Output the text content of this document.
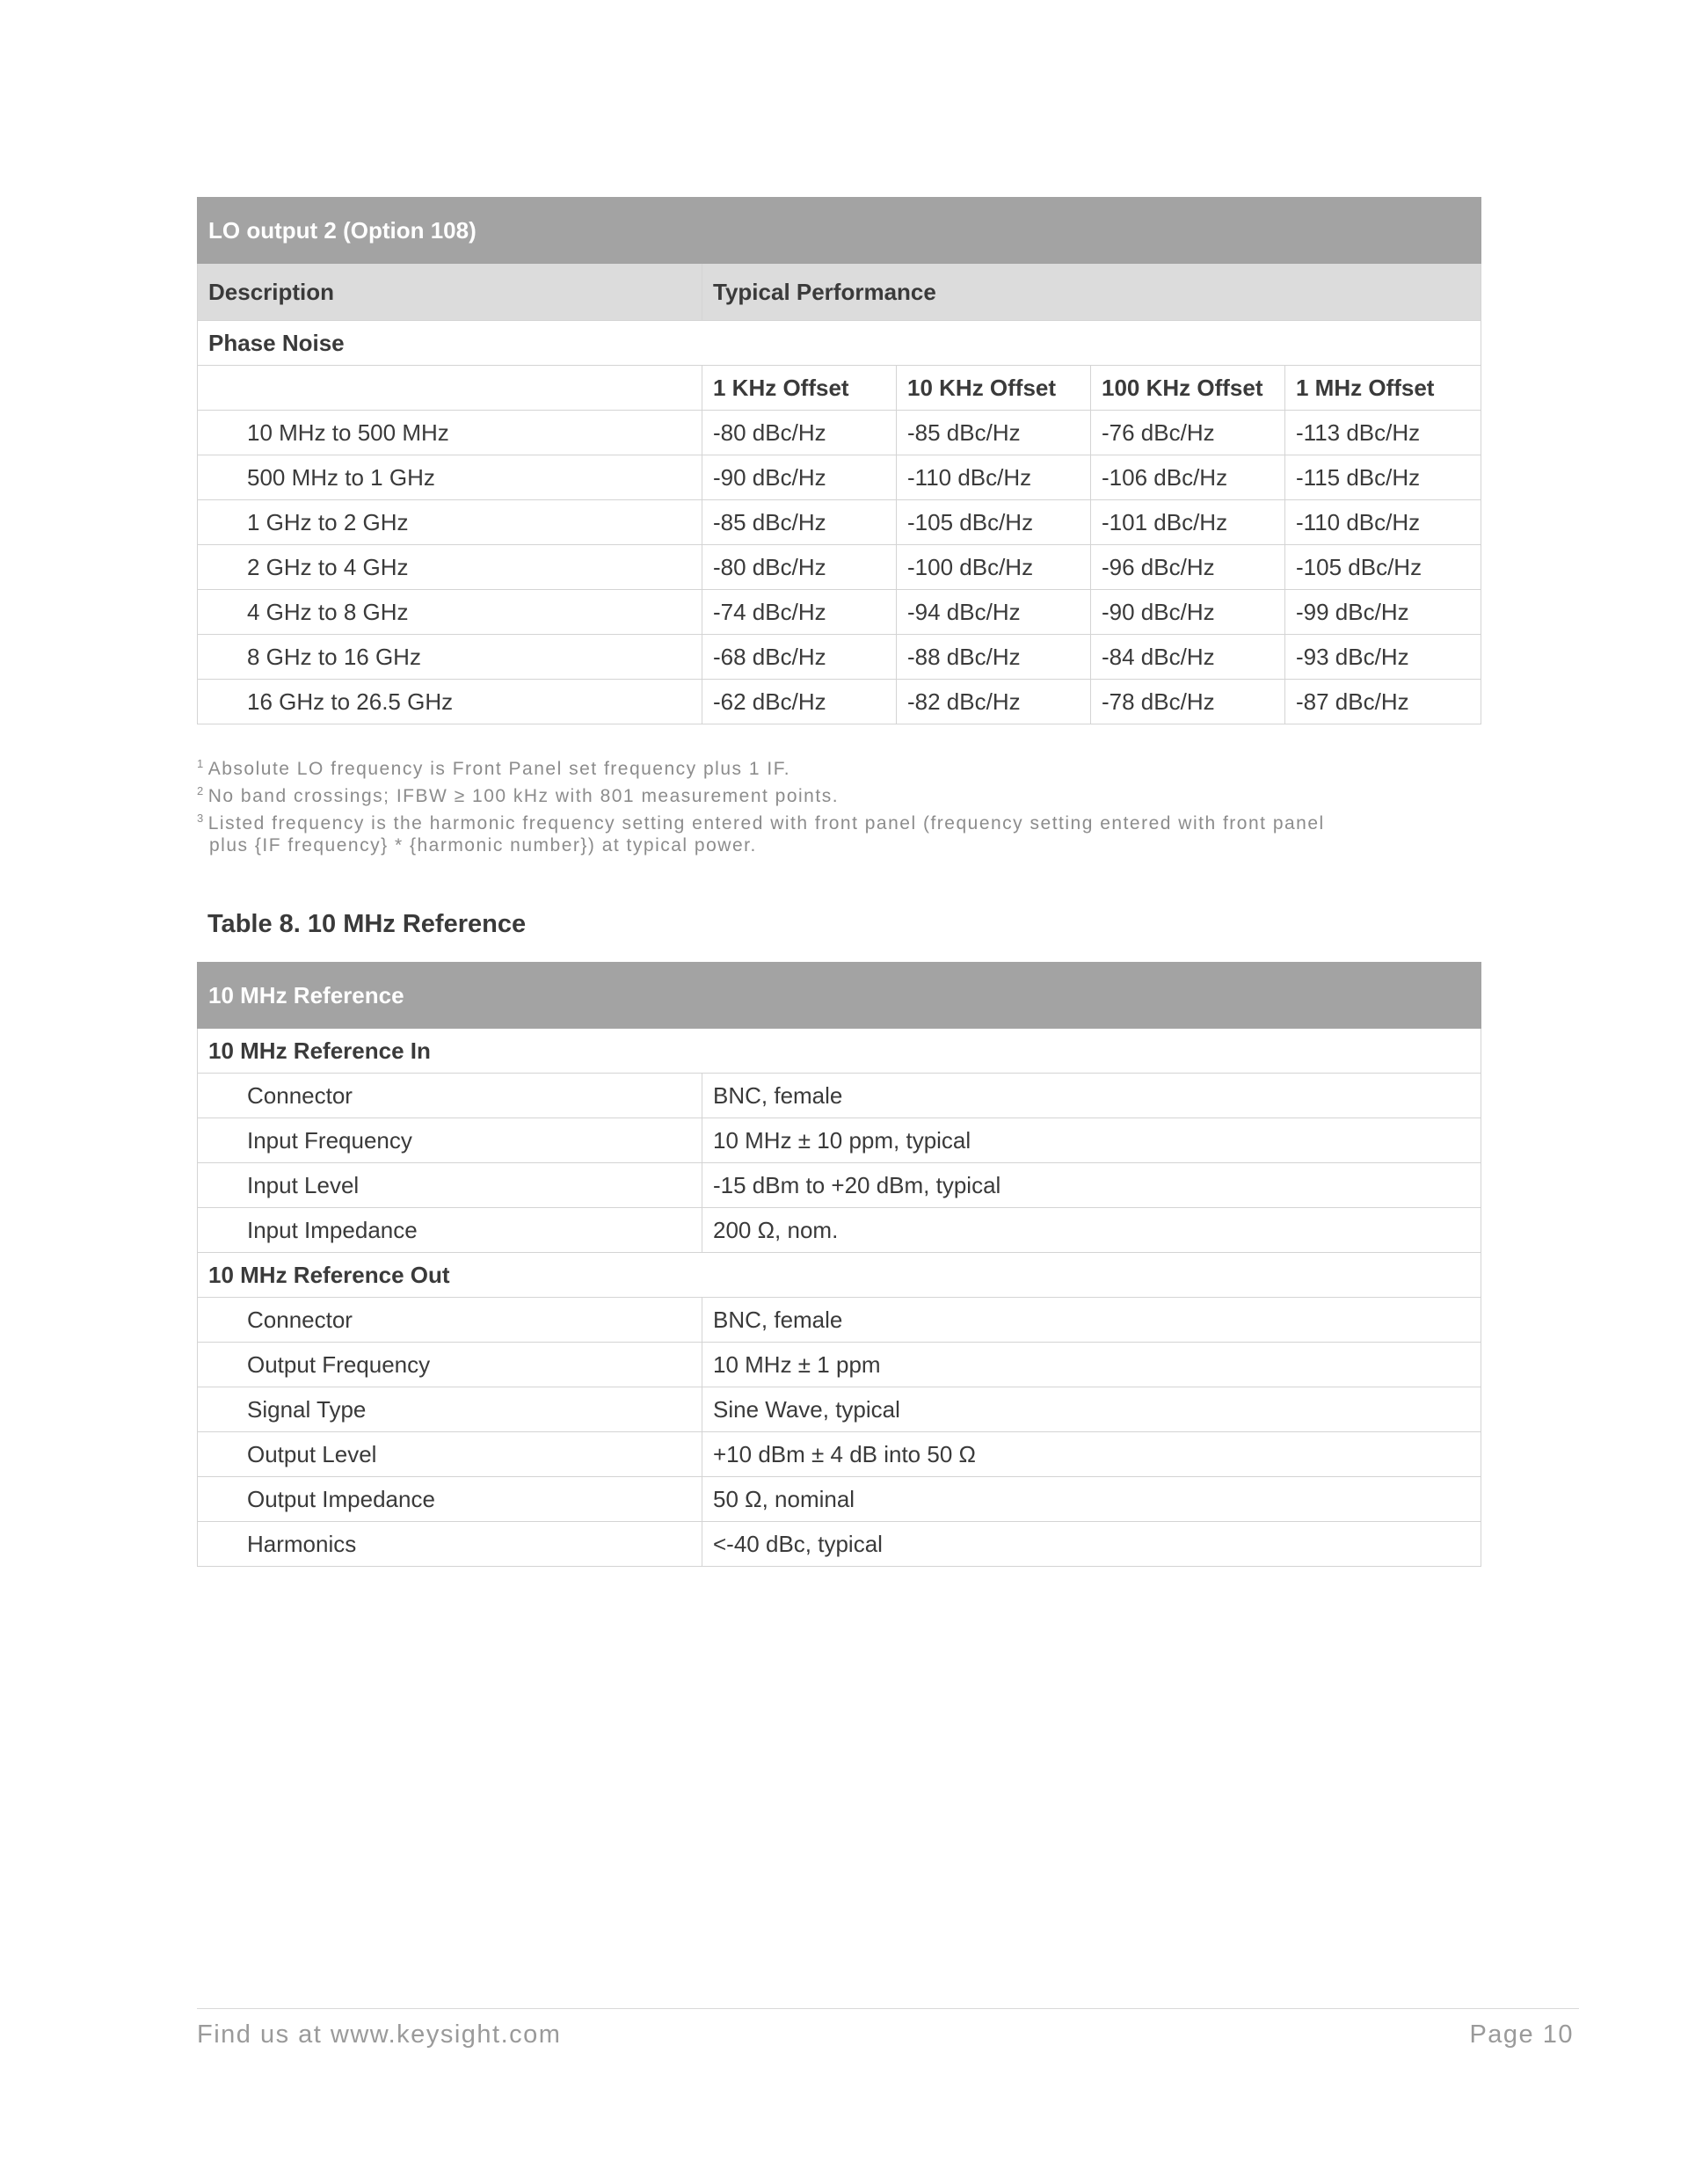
LO output 2 (Option 108)				
Description	Typical Performance			
Phase Noise				
	1 KHz Offset	10 KHz Offset	100 KHz Offset	1 MHz Offset
10 MHz to 500 MHz	-80 dBc/Hz	-85 dBc/Hz	-76 dBc/Hz	-113 dBc/Hz
500 MHz to 1 GHz	-90 dBc/Hz	-110 dBc/Hz	-106 dBc/Hz	-115 dBc/Hz
1 GHz to 2 GHz	-85 dBc/Hz	-105 dBc/Hz	-101 dBc/Hz	-110 dBc/Hz
2 GHz to 4 GHz	-80 dBc/Hz	-100 dBc/Hz	-96 dBc/Hz	-105 dBc/Hz
4 GHz to 8 GHz	-74 dBc/Hz	-94 dBc/Hz	-90 dBc/Hz	-99 dBc/Hz
8 GHz to 16 GHz	-68 dBc/Hz	-88 dBc/Hz	-84 dBc/Hz	-93 dBc/Hz
16 GHz to 26.5 GHz	-62 dBc/Hz	-82 dBc/Hz	-78 dBc/Hz	-87 dBc/Hz
$^1$ Absolute LO frequency is Front Panel set frequency plus 1 IF.
$^2$ No band crossings; IFBW ≥ 100 kHz with 801 measurement points.
$^3$ Listed frequency is the harmonic frequency setting entered with front panel (frequency setting entered with front panel
plus {IF frequency} * {harmonic number}) at typical power.
Table 8. 10 MHz Reference
10 MHz Reference	
10 MHz Reference In	
Connector	BNC, female
Input Frequency	10 MHz ± 10 ppm, typical
Input Level	-15 dBm to +20 dBm, typical
Input Impedance	200 Ω, nom.
10 MHz Reference Out	
Connector	BNC, female
Output Frequency	10 MHz ± 1 ppm
Signal Type	Sine Wave, typical
Output Level	+10 dBm ± 4 dB into 50 Ω
Output Impedance	50 Ω, nominal
Harmonics	<-40 dBc, typical
Find us at www.keysight.com	Page 10
